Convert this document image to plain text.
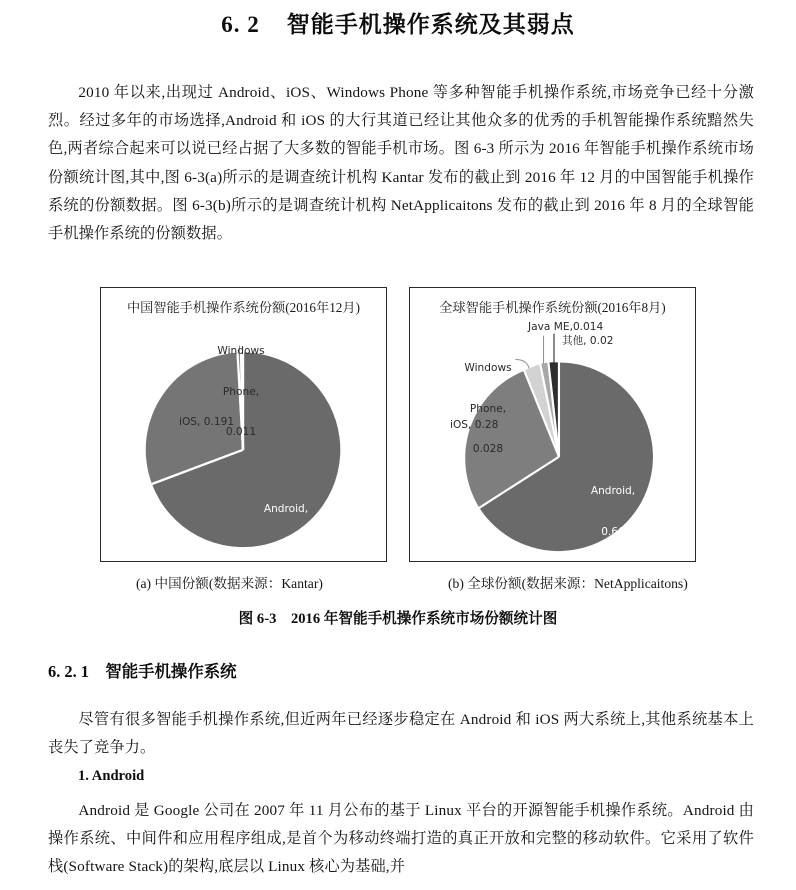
6. 2    智能手机操作系统及其弱点
2010 年以来,出现过 Android、iOS、Windows Phone 等多种智能手机操作系统,市场竞争已经十分激烈。经过多年的市场选择,Android 和 iOS 的大行其道已经让其他众多的优秀的手机智能操作系统黯然失色,两者综合起来可以说已经占据了大多数的智能手机市场。图 6-3 所示为 2016 年智能手机操作系统市场份额统计图,其中,图 6-3(a)所示的是调查统计机构 Kantar 发布的截止到 2016 年 12 月的中国智能手机操作系统的份额数据。图 6-3(b)所示的是调查统计机构 NetApplicaitons 发布的截止到 2016 年 8 月的全球智能手机操作系统的份额数据。
中国智能手机操作系统份额(2016年12月)
iOS, 0.191

Windows

Phone,

0.011

Android,

0.807

全球智能手机操作系统份额(2016年8月)

Windows

Phone,

0.028

Java ME,0.014
其他, 0.02
iOS, 0.28

Android,

0.66

(a) 中国份额(数据来源：Kantar)	(b) 全球份额(数据来源：NetApplicaitons)
图 6-3    2016 年智能手机操作系统市场份额统计图
6. 2. 1    智能手机操作系统
尽管有很多智能手机操作系统,但近两年已经逐步稳定在 Android 和 iOS 两大系统上,其他系统基本上丧失了竞争力。
1. Android
Android 是 Google 公司在 2007 年 11 月公布的基于 Linux 平台的开源智能手机操作系统。Android 由操作系统、中间件和应用程序组成,是首个为移动终端打造的真正开放和完整的移动软件。它采用了软件栈(Software Stack)的架构,底层以 Linux 核心为基础,并
